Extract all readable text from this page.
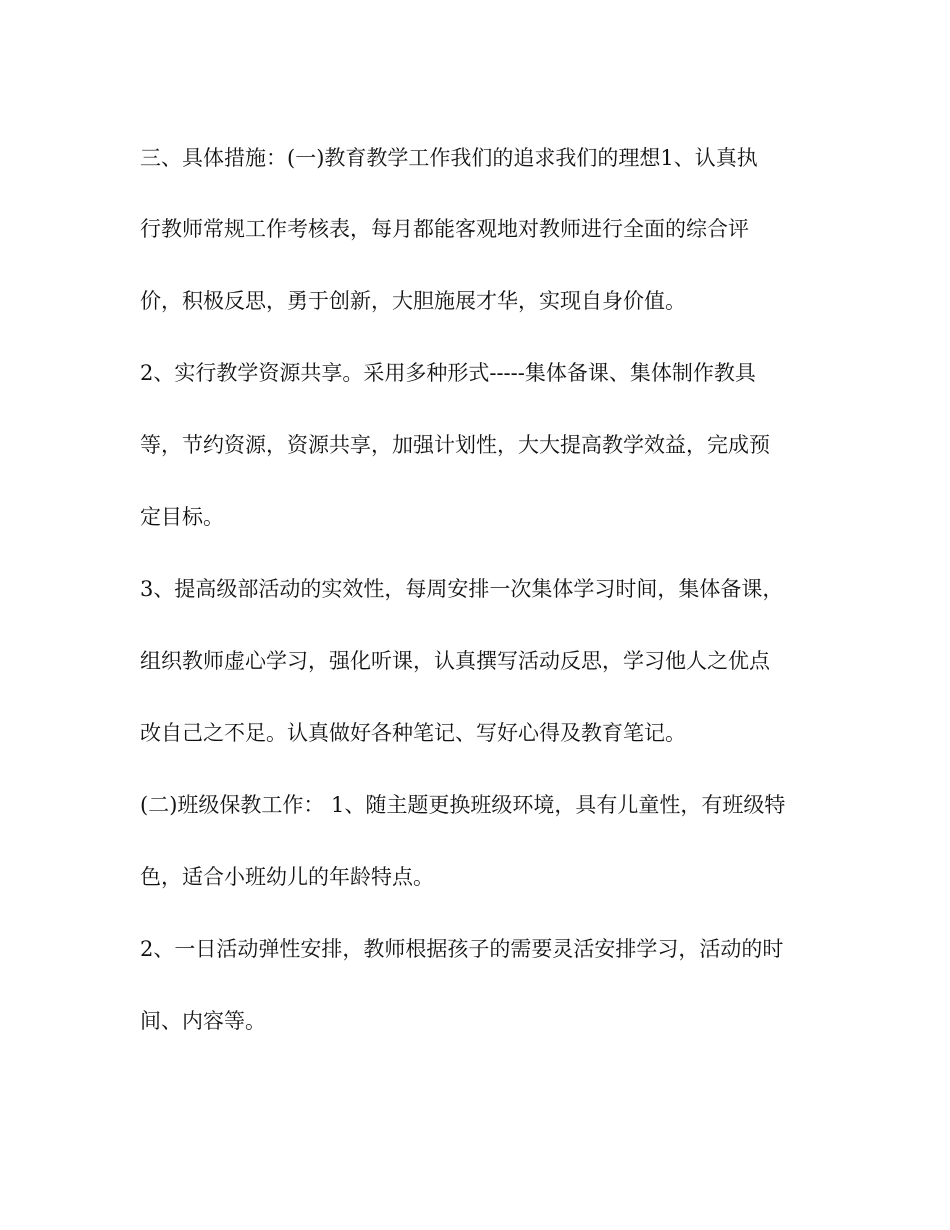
三、具体措施：(一)教育教学工作我们的追求我们的理想1、认真执
行教师常规工作考核表，每月都能客观地对教师进行全面的综合评
价，积极反思，勇于创新，大胆施展才华，实现自身价值。
2、实行教学资源共享。采用多种形式-----集体备课、集体制作教具
等，节约资源，资源共享，加强计划性，大大提高教学效益，完成预
定目标。
3、提高级部活动的实效性，每周安排一次集体学习时间，集体备课，
组织教师虚心学习，强化听课，认真撰写活动反思，学习他人之优点
改自己之不足。认真做好各种笔记、写好心得及教育笔记。
(二)班级保教工作： 1、随主题更换班级环境，具有儿童性，有班级特
色，适合小班幼儿的年龄特点。
2、一日活动弹性安排，教师根据孩子的需要灵活安排学习，活动的时
间、内容等。
